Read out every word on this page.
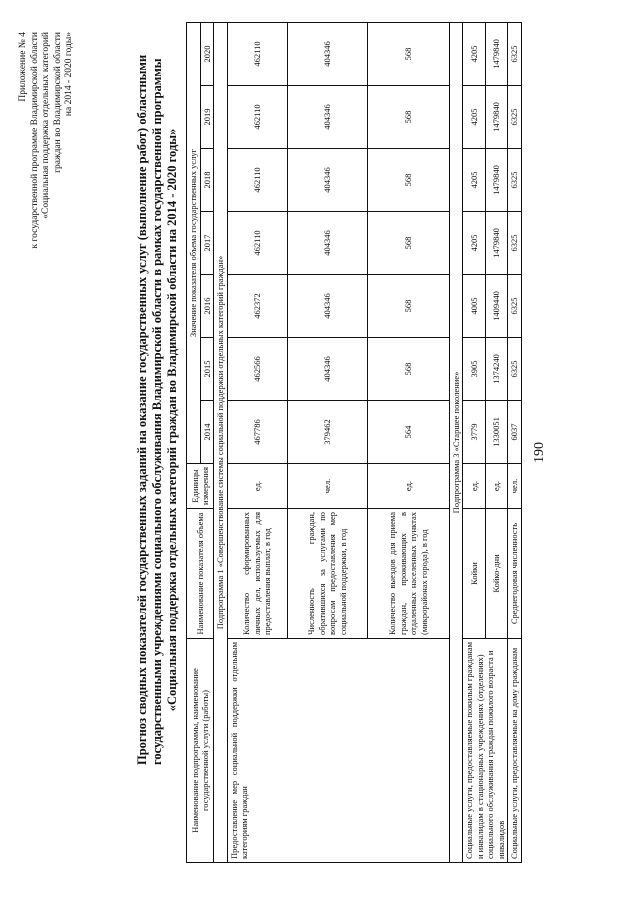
Приложение № 4 к государственной программе Владимирской области «Социальная поддержка отдельных категорий граждан во Владимирской области на 2014 - 2020 годы»	Прогноз сводных показателей государственных заданий на оказание государственных услуг (выполнение работ) областными государственными учреждениями социального обслуживания Владимирской области в рамках государственной программы «Социальная поддержка отдельных категорий граждан во Владимирской области на 2014 - 2020 годы»
Наименование подпрограммы, наименование государственной услуги (работы)	Наименование показателя объема	Единицы измерения	Значение показателя объема государственных услуг						
			2014	2015	2016	2017	2018	2019	2020
Подпрограмма 1 «Совершенствование системы социальной поддержки отдельных категорий граждан»									
Предоставление мер социальной поддержки отдельным категориям граждан	Количество сформированных личных дел, используемых для предоставления выплат, в год	ед.	467786	462566	462372	462110	462110	462110	462110
	Численность граждан, обратившихся за услугами по вопросам предоставления мер социальной поддержки, в год	чел.	379462	404346	404346	404346	404346	404346	404346
	Количество выездов для приема граждан, проживающих в отдаленных населенных пунктах (микрорайонах города), в год	ед.	564	568	568	568	568	568	568
Подпрограмма 3 «Старшее поколение»									
Социальные услуги, предоставляемые пожилым гражданам и инвалидам в стационарных учреждениях (отделениях) социального обслуживания граждан пожилого возраста и инвалидов	Койки	ед.	3779	3905	4005	4205	4205	4205	4205
	Койко-дни	ед.	1330051	1374240	1409440	1479840	1479840	1479840	1479840
Социальные услуги, предоставляемые на дому гражданам	Среднегодовая численность	чел.	6037	6325	6325	6325	6325	6325	6325
190
